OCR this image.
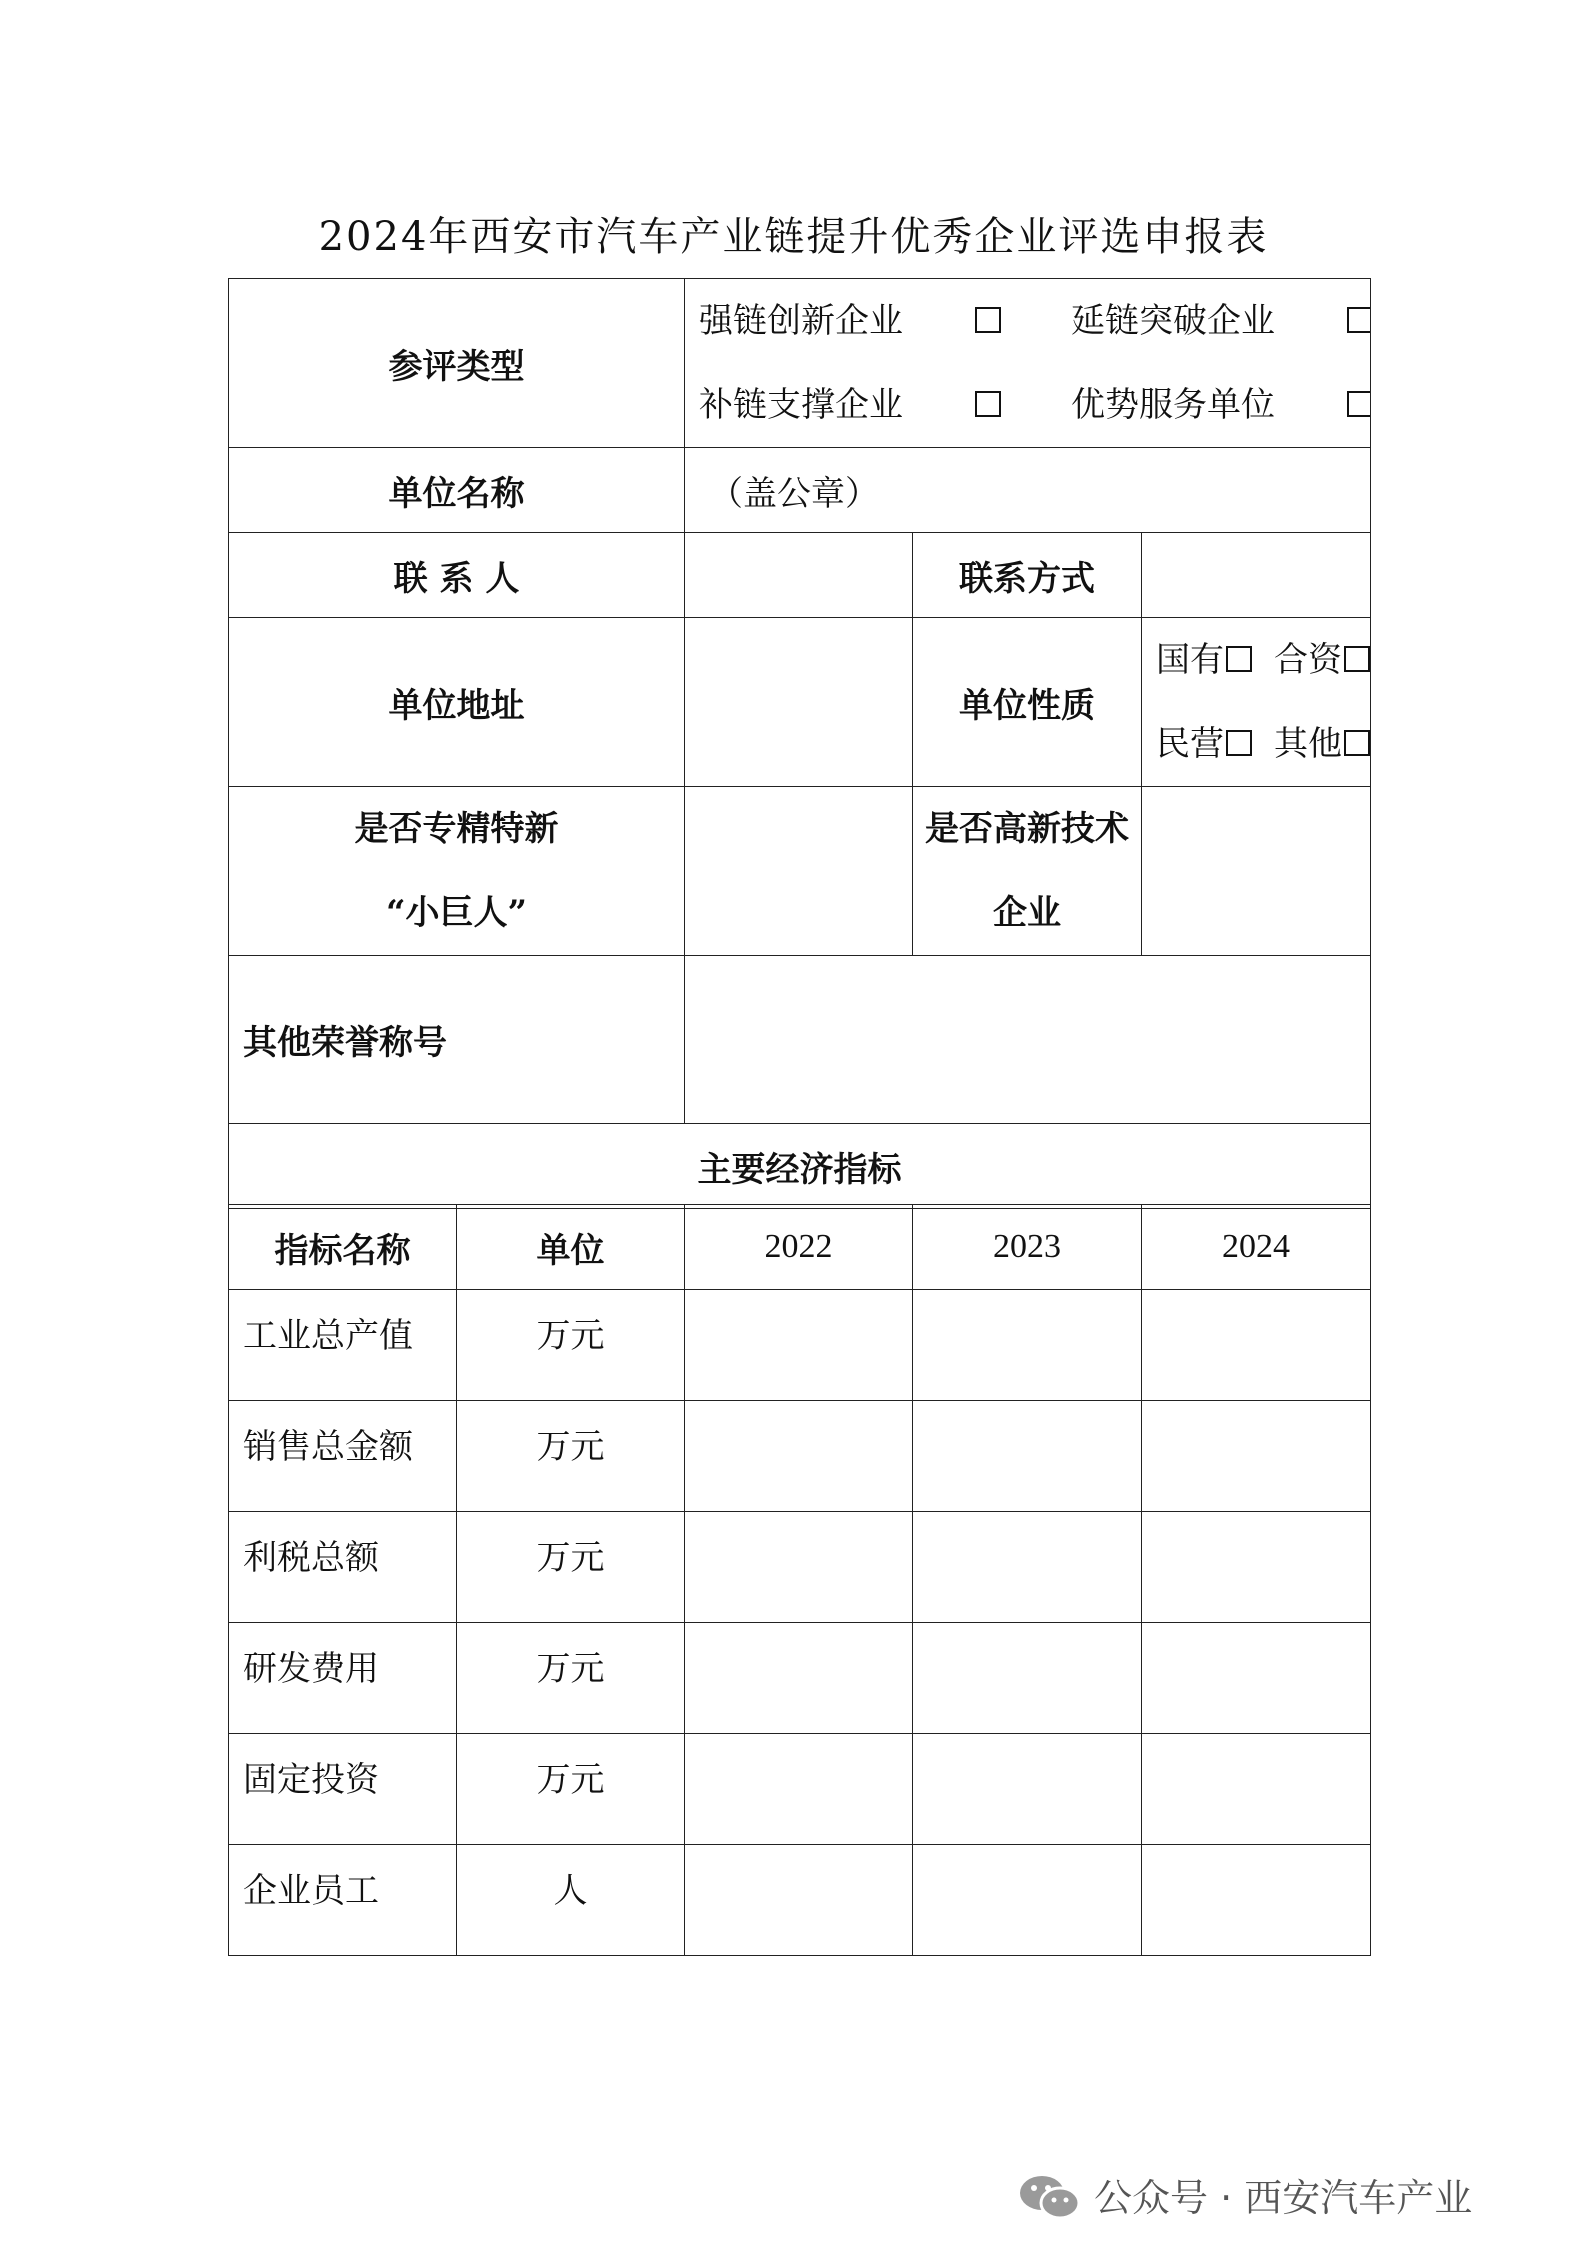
2024年西安市汽车产业链提升优秀企业评选申报表
参评类型	强链创新企业 延链突破企业
补链支撑企业 优势服务单位		

单位名称	（盖公章）		
联 系 人		联系方式	
单位地址		单位性质	国有 合资
民营 其他

是否专精特新
“小巨人”		是否高新技术
企业	

其他荣誉称号			
主要经济指标			
指标名称	单位	2022	2023	2024
工业总产值	万元			
销售总金额	万元			
利税总额	万元			
研发费用	万元			
固定投资	万元			
企业员工	人			
公众号 · 西安汽车产业
